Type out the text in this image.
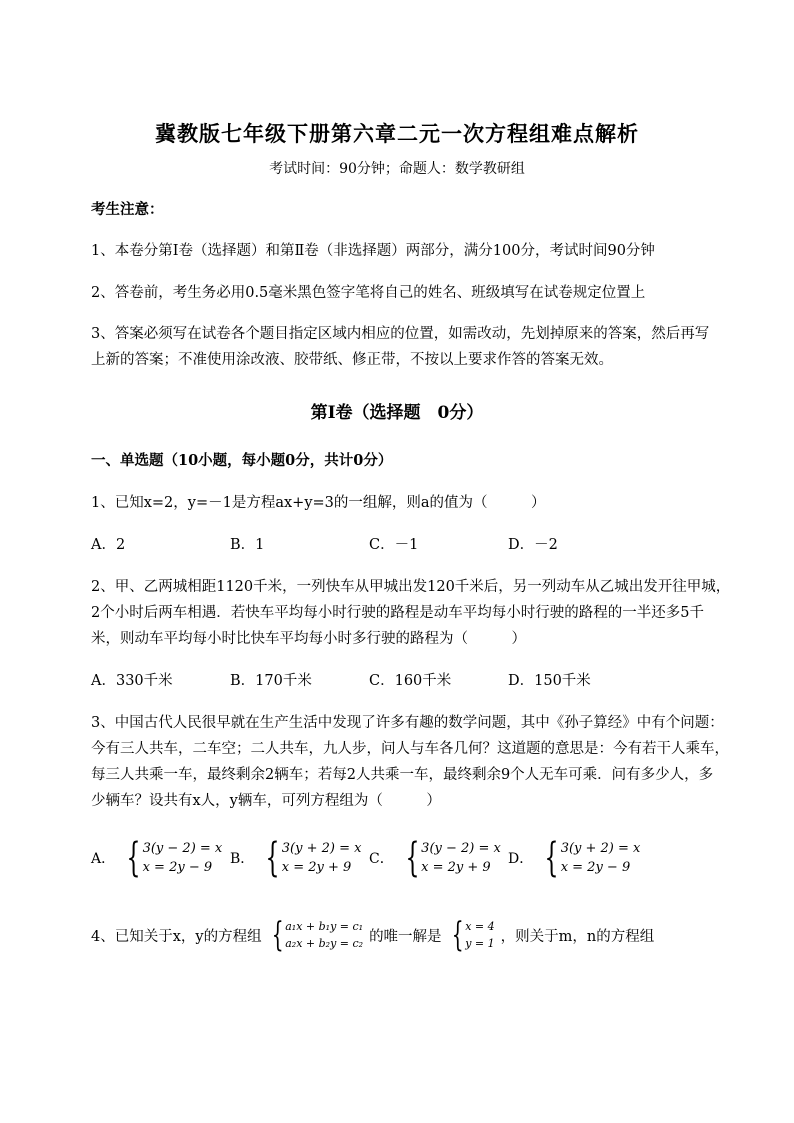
冀教版七年级下册第六章二元一次方程组难点解析
考试时间：90分钟；命题人：数学教研组
考生注意：
1、本卷分第I卷（选择题）和第Ⅱ卷（非选择题）两部分，满分100分，考试时间90分钟
2、答卷前，考生务必用0.5毫米黑色签字笔将自己的姓名、班级填写在试卷规定位置上
3、答案必须写在试卷各个题目指定区域内相应的位置，如需改动，先划掉原来的答案，然后再写上新的答案；不准使用涂改液、胶带纸、修正带，不按以上要求作答的答案无效。
第I卷（选择题　0分）
一、单选题（10小题，每小题0分，共计0分）
1、已知x=2，y=－1是方程ax+y=3的一组解，则a的值为（　　　）
A．2	B．1	C．－1	D．－2
2、甲、乙两城相距1120千米，一列快车从甲城出发120千米后，另一列动车从乙城出发开往甲城，
2个小时后两车相遇．若快车平均每小时行驶的路程是动车平均每小时行驶的路程的一半还多5千
米，则动车平均每小时比快车平均每小时多行驶的路程为（　　　）
A．330千米	B．170千米	C．160千米	D．150千米
3、中国古代人民很早就在生产生活中发现了许多有趣的数学问题，其中《孙子算经》中有个问题：
今有三人共车，二车空；二人共车，九人步，问人与车各几何？这道题的意思是：今有若干人乘车，
每三人共乘一车，最终剩余2辆车；若每2人共乘一车，最终剩余9个人无车可乘．问有多少人，多
少辆车？设共有x人，y辆车，可列方程组为（　　　）
A． { 3(y − 2) = x
x = 2y − 9
B． { 3(y + 2) = x
x = 2y + 9
C． { 3(y − 2) = x
x = 2y + 9
D． { 3(y + 2) = x
x = 2y − 9
4、已知关于x，y的方程组 { a₁x + b₁y = c₁
a₂x + b₂y = c₂ 的唯一解是 { x = 4
y = 1 ，则关于m，n的方程组
